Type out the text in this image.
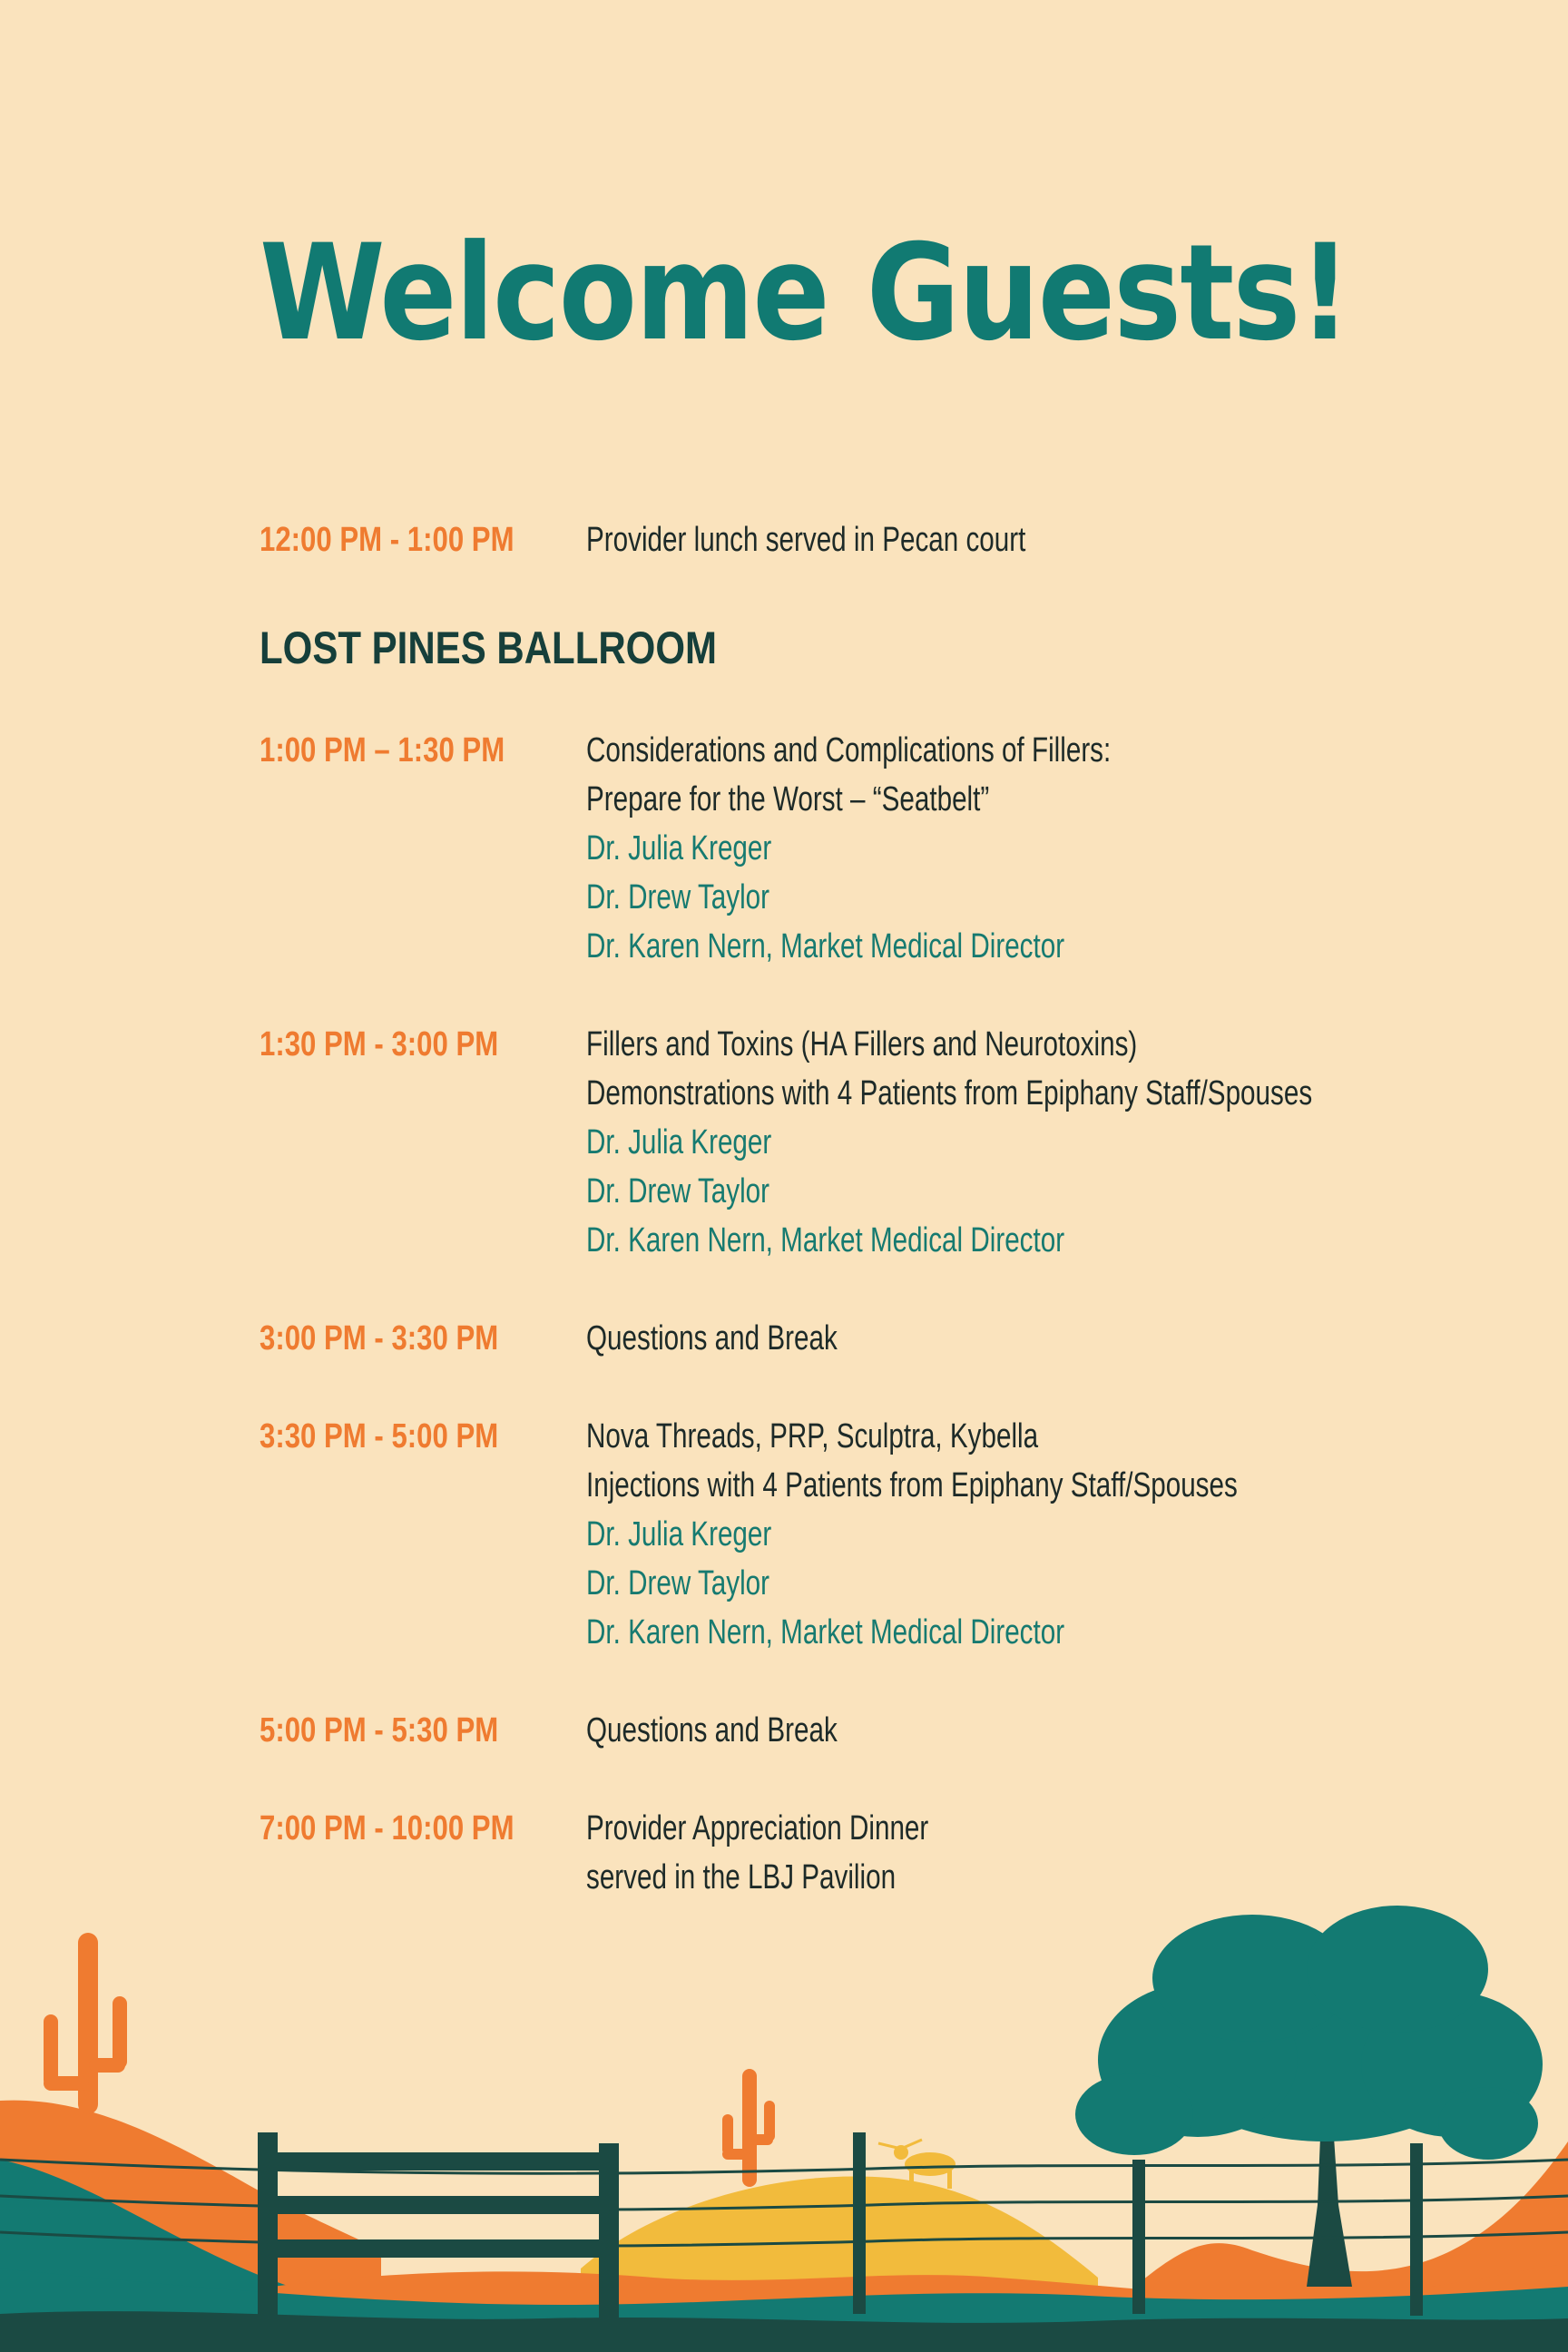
Welcome Guests!
12:00 PM - 1:00 PM Provider lunch served in Pecan court
LOST PINES BALLROOM
1:00 PM – 1:30 PM Considerations and Complications of Fillers:
Prepare for the Worst – “Seatbelt”
Dr. Julia Kreger
Dr. Drew Taylor
Dr. Karen Nern, Market Medical Director
1:30 PM - 3:00 PM	Fillers and Toxins (HA Fillers and Neurotoxins)
Demonstrations with 4 Patients from Epiphany Staff/Spouses
Dr. Julia Kreger
Dr. Drew Taylor
Dr. Karen Nern, Market Medical Director
3:00 PM - 3:30 PM	Questions and Break
3:30 PM - 5:00 PM	Nova Threads, PRP, Sculptra, Kybella
Injections with 4 Patients from Epiphany Staff/Spouses
Dr. Julia Kreger
Dr. Drew Taylor
Dr. Karen Nern, Market Medical Director
5:00 PM - 5:30 PM	Questions and Break
7:00 PM - 10:00 PM Provider Appreciation Dinner
served in the LBJ Pavilion
